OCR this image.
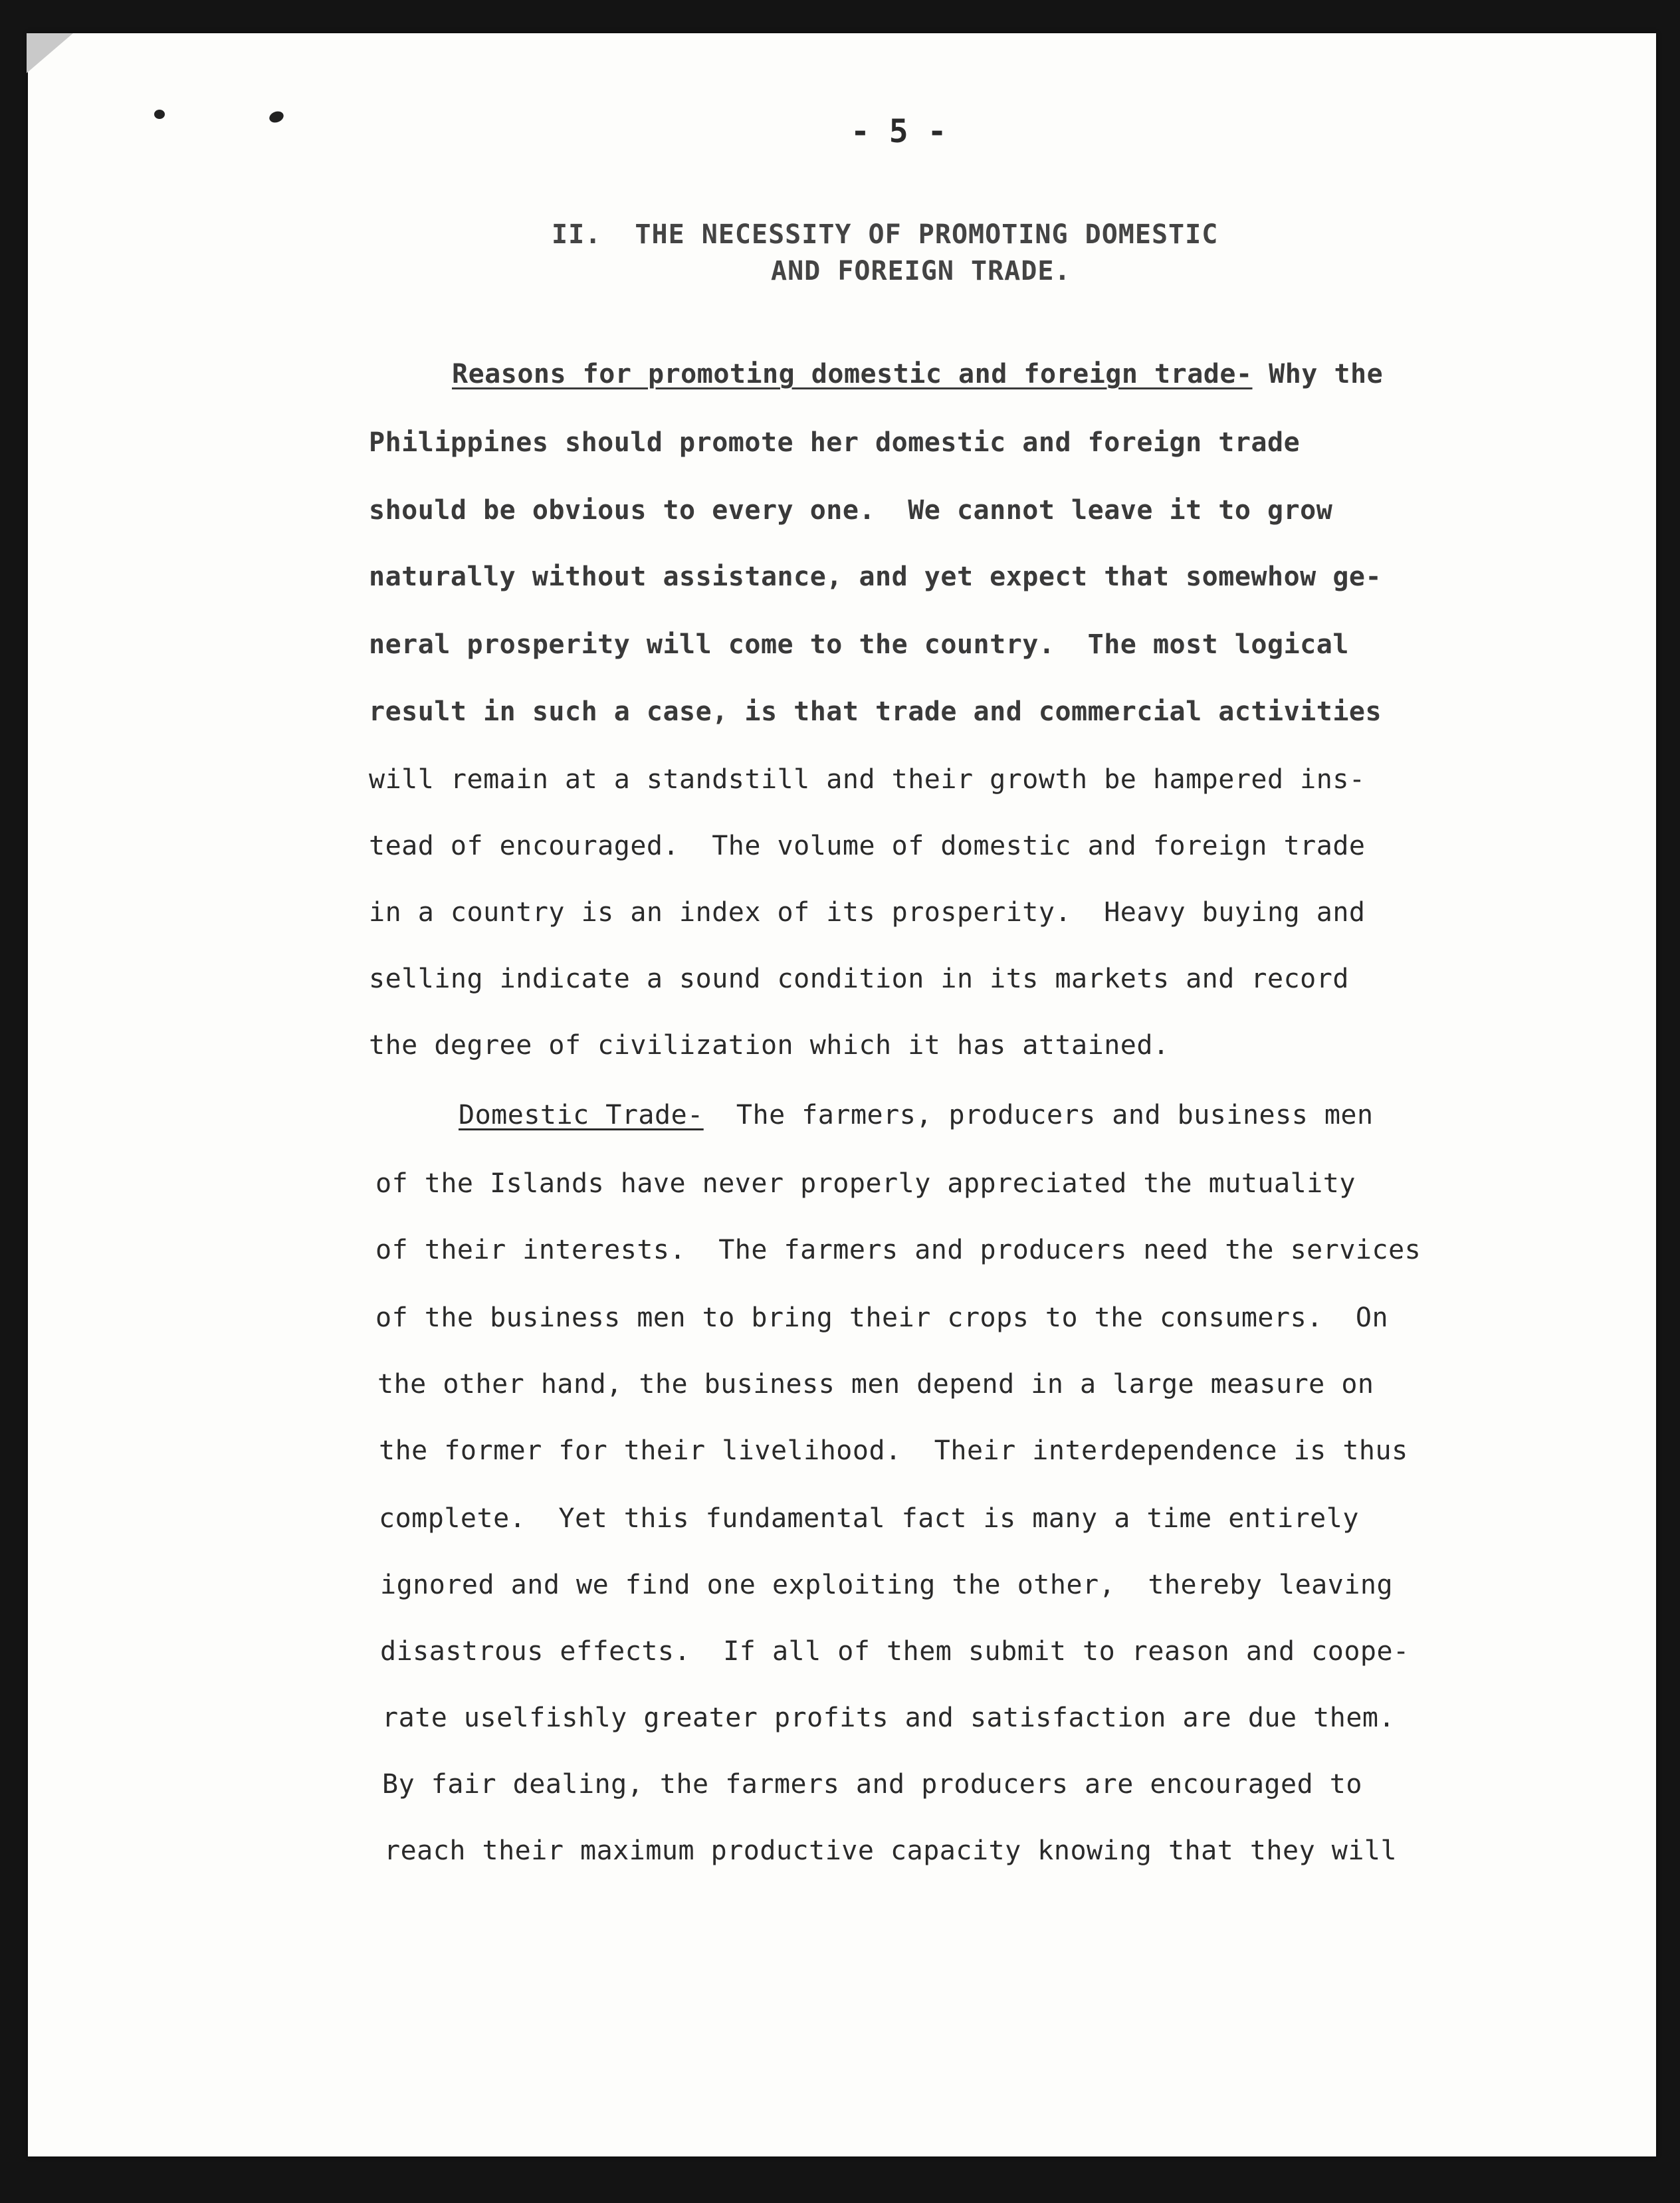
- 5 -
II.  THE NECESSITY OF PROMOTING DOMESTIC
AND FOREIGN TRADE.
Reasons for promoting domestic and foreign trade- Why the
Philippines should promote her domestic and foreign trade
should be obvious to every one.  We cannot leave it to grow
naturally without assistance, and yet expect that somewhow ge-
neral prosperity will come to the country.  The most logical
result in such a case, is that trade and commercial activities
will remain at a standstill and their growth be hampered ins-
tead of encouraged.  The volume of domestic and foreign trade
in a country is an index of its prosperity.  Heavy buying and
selling indicate a sound condition in its markets and record
the degree of civilization which it has attained.
Domestic Trade-  The farmers, producers and business men
of the Islands have never properly appreciated the mutuality
of their interests.  The farmers and producers need the services
of the business men to bring their crops to the consumers.  On
the other hand, the business men depend in a large measure on
the former for their livelihood.  Their interdependence is thus
complete.  Yet this fundamental fact is many a time entirely
ignored and we find one exploiting the other,  thereby leaving
disastrous effects.  If all of them submit to reason and coope-
rate uselfishly greater profits and satisfaction are due them.
By fair dealing, the farmers and producers are encouraged to
reach their maximum productive capacity knowing that they will
